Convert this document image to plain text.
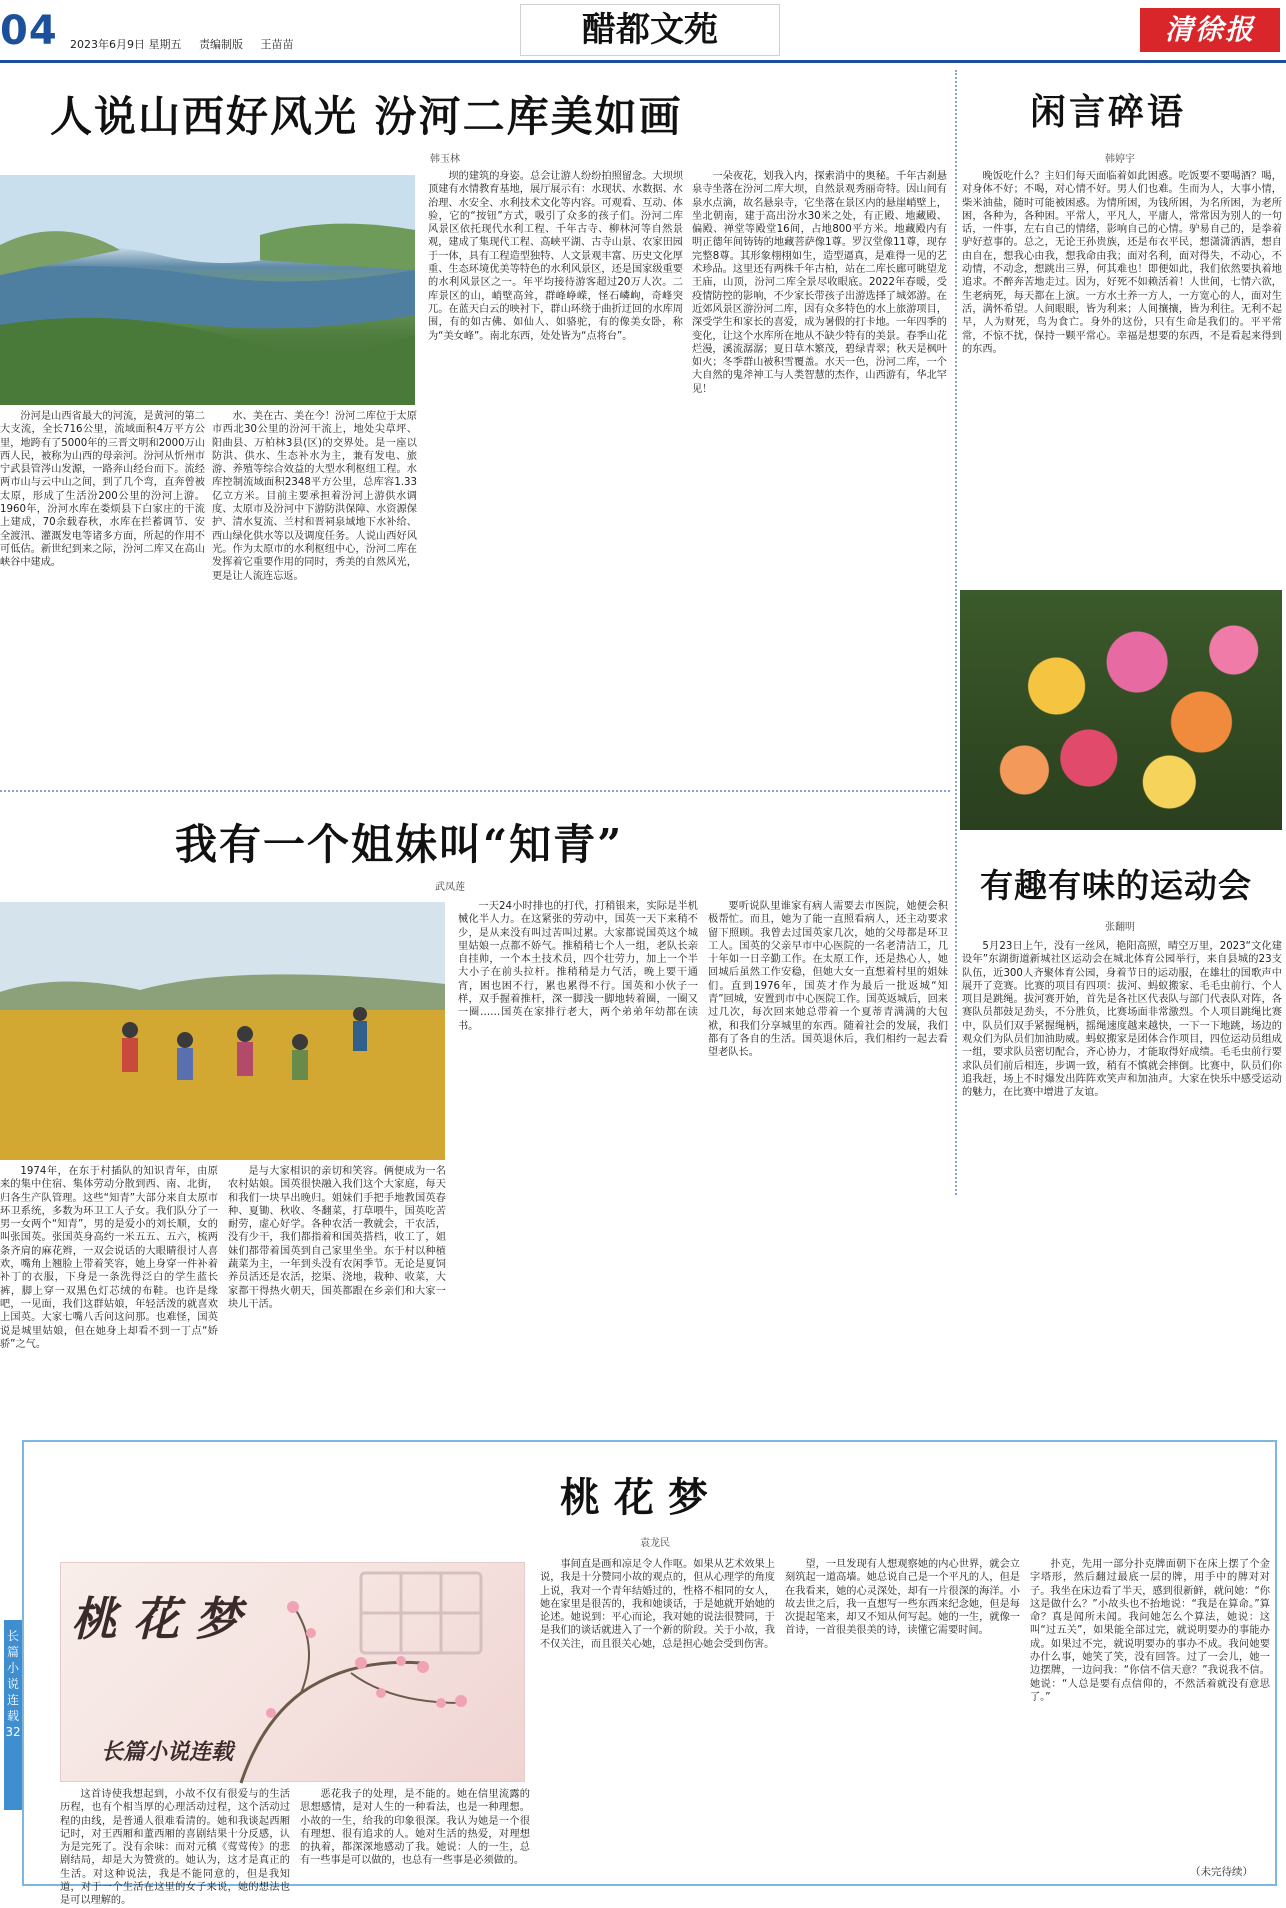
04 2023年6月9日 星期五 责编制版 王苗苗	醋都文苑	清徐报
人说山西好风光 汾河二库美如画
韩玉林

汾河是山西省最大的河流，是黄河的第二大支流，全长716公里，流域面积4万平方公里，地跨有了5000年的三晋文明和2000万山西人民，被称为山西的母亲河。汾河从忻州市宁武县管涔山发源，一路奔山经台而下。流经两市山与云中山之间，到了几个弯，直奔曾被太原，形成了生活汾200公里的汾河上游。1960年，汾河水库在娄烦县下白家庄的干流上建成，70余载春秋，水库在拦蓄调节、安全渡汛、灌溉发电等诸多方面，所起的作用不可低估。新世纪到来之际，汾河二库又在高山峡谷中建成。

水、美在古、美在今！汾河二库位于太原市西北30公里的汾河干流上，地处尖草坪、阳曲县、万柏林3县(区)的交界处。是一座以防洪、供水、生态补水为主，兼有发电、旅游、养殖等综合效益的大型水利枢纽工程。水库控制流域面积2348平方公里，总库容1.33亿立方米。目前主要承担着汾河上游供水调度、太原市及汾河中下游防洪保障、水资源保护、清水复流、兰村和晋祠泉域地下水补给、西山绿化供水等以及调度任务。人说山西好风光。作为太原市的水利枢纽中心，汾河二库在发挥着它重要作用的同时，秀美的自然风光，更是让人流连忘返。

坝的建筑的身姿。总会让游人纷纷拍照留念。大坝坝顶建有水情教育基地，展厅展示有：水现状、水数据、水治理、水安全、水利技术文化等内容。可观看、互动、体验，它的“按钮”方式，吸引了众多的孩子们。汾河二库风景区依托现代水利工程、千年古寺、柳林河等自然景观，建成了集现代工程、高峡平湖、古寺山景、农家田园于一体，具有工程造型独特、人文景观丰富、历史文化厚重、生态环境优美等特色的水利风景区，还是国家级重要的水利风景区之一。年平均接待游客超过20万人次。二库景区的山，峭壁高耸，群峰峥嵘，怪石嶙峋，奇峰突兀。在蓝天白云的映衬下，群山环绕于曲折迂回的水库周围，有的如古佛、如仙人、如骆驼，有的像美女卧，称为“美女峰”。南北东西，处处皆为“点将台”。

一朵夜花，划我入内，探索消中的奥秘。千年古刹悬泉寺坐落在汾河二库大坝，自然景观秀丽奇特。因山间有泉水点滴，故名悬泉寺，它坐落在景区内的悬崖峭壁上，坐北朝南，建于高出汾水30米之处，有正殿、地藏殿、偏殿、禅堂等殿堂16间，占地800平方米。地藏殿内有明正德年间铸铸的地藏菩萨像1尊。罗汉堂像11尊，现存完整8尊。其形象栩栩如生，造型逼真，是难得一见的艺术珍品。这里还有两株千年古柏，站在二库长廊可眺望龙王庙，山顶，汾河二库全景尽收眼底。2022年春暖，受疫情防控的影响，不少家长带孩子出游选择了城郊游。在近郊风景区游汾河二库，因有众多特色的水上旅游项目，深受学生和家长的喜爱，成为暑假的打卡地。一年四季的变化，让这个水库所在地从不缺少特有的美景。春季山花烂漫，溪流潺潺；夏日草木繁茂，碧绿青翠；秋天是枫叶如火；冬季群山被积雪覆盖。水天一色，汾河二库，一个大自然的鬼斧神工与人类智慧的杰作，山西游有，华北罕见！

闲言碎语
韩婷宇

晚饭吃什么？主妇们每天面临着如此困惑。吃饭要不要喝酒？喝，对身体不好；不喝，对心情不好。男人们也难。生而为人，大事小情，柴米油盐，随时可能被困惑。为情所困，为钱所困，为名所困，为老所困，各种为，各种困。平常人，平凡人，平庸人，常常因为别人的一句话，一件事，左右自己的情绪，影响自己的心情。驴易自己的，是拳着驴好惹事的。总之，无论王孙贵族，还是布衣平民，想潇潇洒洒，想自由自在，想我心由我，想我命由我；面对名利，面对得失，不动心，不动情，不动念，想跳出三界，何其难也！即便如此，我们依然要执着地追求。不醉奔苦地走过。因为，好死不如赖活着！人世间，七情六欲，生老病死，每天都在上演。一方水土养一方人，一方宽心的人，面对生活，满怀希望。人间眼眼，皆为利来；人间攘攘，皆为利往。无利不起早，人为财死，鸟为食亡。身外的这份，只有生命是我们的。平平常常，不惊不扰，保持一颗平常心。幸福是想要的东西，不是看起来得到的东西。

我有一个姐妹叫“知青”
武凤莲

1974年，在东于村插队的知识青年，由原来的集中住宿、集体劳动分散到西、南、北街，归各生产队管理。这些“知青”大部分来自太原市环卫系统，多数为环卫工人子女。我们队分了一男一女两个“知青”，男的是爱小的刘长顺，女的叫张国英。张国英身高约一米五五、五六，梳两条齐肩的麻花辫，一双会说话的大眼睛很讨人喜欢，嘴角上翘脸上带着笑容，她上身穿一件补着补丁的衣服，下身是一条洗得泛白的学生蓝长裤，脚上穿一双黑色灯芯绒的布鞋。也许是缘吧，一见面，我们这群姑娘，年轻活泼的就喜欢上国英。大家七嘴八舌问这问那。也难怪，国英说是城里姑娘，但在她身上却看不到一丁点“娇骄”之气。

是与大家相识的亲切和笑容。俩便成为一名农村姑娘。国英很快融入我们这个大家庭，每天和我们一块早出晚归。姐妹们手把手地教国英春种、夏锄、秋收、冬翻菜，打草喂牛，国英吃苦耐劳，虚心好学。各种农活一教就会，干农活，没有少干，我们都指着和国英搭档，收工了，姐妹们都带着国英到自己家里坐坐。东于村以种植蔬菜为主，一年到头没有农闲季节。无论是夏饲养员活还是农活，挖渠、浇地，栽种、收菜，大家都干得热火朝天，国英都跟在乡亲们和大家一块儿干活。

一天24小时排也的打代，打稍银来，实际是半机械化半人力。在这紧张的劳动中，国英一天下来稍不少，是从来没有叫过苦叫过累。大家都说国英这个城里姑娘一点都不娇气。推稍稍七个人一组，老队长亲自挂帅，一个本土技术员，四个壮劳力，加上一个半大小子在前头拉杆。推稍稍是力气活，晚上要干通宵，困也困不行，累也累得不行。国英和小伙子一样，双手握着推杆，深一脚浅一脚地转着圈，一圈又一圈……国英在家排行老大，两个弟弟年幼都在读书。

要听说队里谁家有病人需要去市医院，她便会积极帮忙。而且，她为了能一直照看病人，还主动要求留下照顾。我曾去过国英家几次，她的父母都是环卫工人。国英的父亲早市中心医院的一名老清洁工，几十年如一日辛勤工作。在太原工作，还是热心人，她回城后虽然工作安稳，但她大女一直想着村里的姐妹们。直到1976年，国英才作为最后一批返城“知青”回城，安置到市中心医院工作。国英返城后，回来过几次，每次回来她总带着一个夏蒂青满满的大包袱，和我们分享城里的东西。随着社会的发展，我们都有了各自的生活。国英退休后，我们相约一起去看望老队长。

有趣有味的运动会
张翻明

5月23日上午，没有一丝风，艳阳高照，晴空万里，2023“文化建设年”东湖街道新城社区运动会在城北体育公园举行，来自县城的23支队伍，近300人齐聚体育公园，身着节日的运动服，在雄壮的国歌声中展开了竞赛。比赛的项目有四项：拔河、蚂蚁搬家、毛毛虫前行、个人项目是跳绳。拔河赛开始，首先是各社区代表队与部门代表队对阵，各赛队员都鼓足劲头，不分胜负，比赛场面非常激烈。个人项目跳绳比赛中，队员们双手紧握绳柄，摇绳速度越来越快，一下一下地跳，场边的观众们为队员们加油助威。蚂蚁搬家是团体合作项目，四位运动员组成一组，要求队员密切配合，齐心协力，才能取得好成绩。毛毛虫前行要求队员们前后相连，步调一致，稍有不慎就会摔倒。比赛中，队员们你追我赶，场上不时爆发出阵阵欢笑声和加油声。大家在快乐中感受运动的魅力，在比赛中增进了友谊。

长篇小说连载32
桃 花 梦
袁龙民
桃 花 梦
长篇小说连载

这首诗使我想起到，小故不仅有很爱与的生活历程，也有个相当厚的心理活动过程，这个活动过程的由线，是普通人很难看清的。她和我谈起西厢记时，对王西厢和董西厢的喜剧结果十分反感，认为是完死了。没有余味：而对元稹《莺莺传》的悲剧结局，却是大为赞赏的。她认为，这才是真正的生活。对这种说法，我是不能同意的，但是我知道，对于一个生活在这里的女子来说，她的想法也是可以理解的。

恶花我子的处理，是不能的。她在信里流露的思想感情，是对人生的一种看法，也是一种理想。小故的一生，给我的印象很深。我认为她是一个很有理想、很有追求的人。她对生活的热爱，对理想的执着，都深深地感动了我。她说：人的一生，总有一些事是可以做的，也总有一些事是必须做的。

事间直是画和凉足令人作呕。如果从艺术效果上说，我是十分赞同小故的观点的，但从心理学的角度上说，我对一个青年结婚过的，性格不相同的女人，她在家里是很苦的，我和她谈话，于是她就开始她的论述。她说到：平心而论，我对她的说法很赞同，于是我们的谈话就进入了一个新的阶段。关于小故，我不仅关注，而且很关心她，总是担心她会受到伤害。

望，一旦发现有人想观察她的内心世界，就会立刻筑起一道高墙。她总说自己是一个平凡的人，但是在我看来，她的心灵深处，却有一片很深的海洋。小故去世之后，我一直想写一些东西来纪念她，但是每次提起笔来，却又不知从何写起。她的一生，就像一首诗，一首很美很美的诗，读懂它需要时间。

扑克，先用一部分扑克牌面朝下在床上摆了个金字塔形，然后翻过最底一层的牌，用手中的牌对对子。我坐在床边看了半天，感到很新鲜，就问她：“你这是做什么？”小故头也不抬地说：“我是在算命。”算命？真是闻所未闻。我问她怎么个算法，她说：这叫“过五关”，如果能全部过完，就说明要办的事能办成。如果过不完，就说明要办的事办不成。我问她要办什么事，她笑了笑，没有回答。过了一会儿，她一边摆牌，一边问我：“你信不信天意？”我说我不信。她说：“人总是要有点信仰的，不然活着就没有意思了。”

（未完待续）
